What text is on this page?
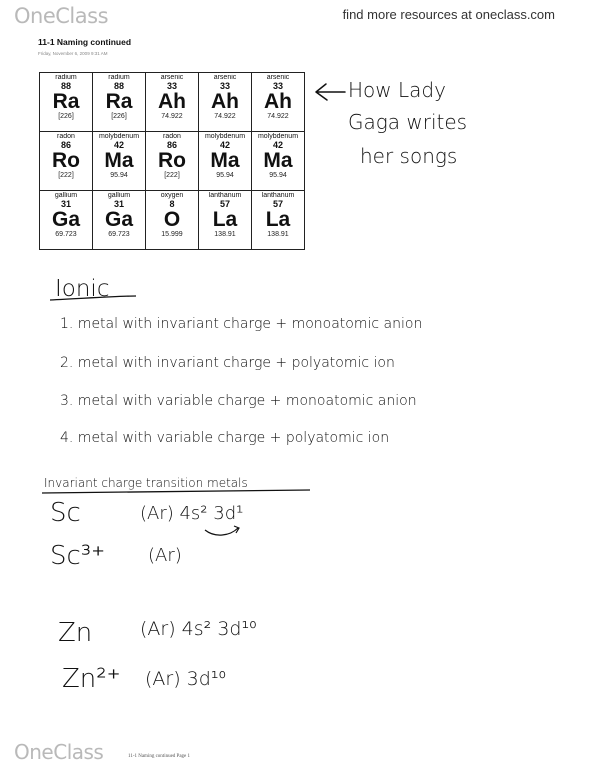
OneClass	find more resources at oneclass.com
11-1 Naming continued
Friday, November 6, 2009 9:31 AM
radium
88
Ra
[226]	radium
88
Ra
[226]	arsenic
33
Ah
74.922	arsenic
33
Ah
74.922	arsenic
33
Ah
74.922

radon
86
Ro
[222]	molybdenum
42
Ma
95.94	radon
86
Ro
[222]	molybdenum
42
Ma
95.94	molybdenum
42
Ma
95.94

gallium
31
Ga
69.723	gallium
31
Ga
69.723	oxygen
8
O
15.999	lanthanum
57
La
138.91	lanthanum
57
La
138.91
How Lady
Gaga writes
her songs
Ionic
1. metal with invariant charge + monoatomic anion
2. metal with invariant charge + polyatomic ion
3. metal with variable charge + monoatomic anion
4. metal with variable charge + polyatomic ion
Invariant charge transition metals
Sc	(Ar) 4s² 3d¹
Sc³⁺ (Ar)
Zn	(Ar) 4s² 3d¹⁰
Zn²⁺ (Ar) 3d¹⁰
OneClass	11-1 Naming continued Page 1
